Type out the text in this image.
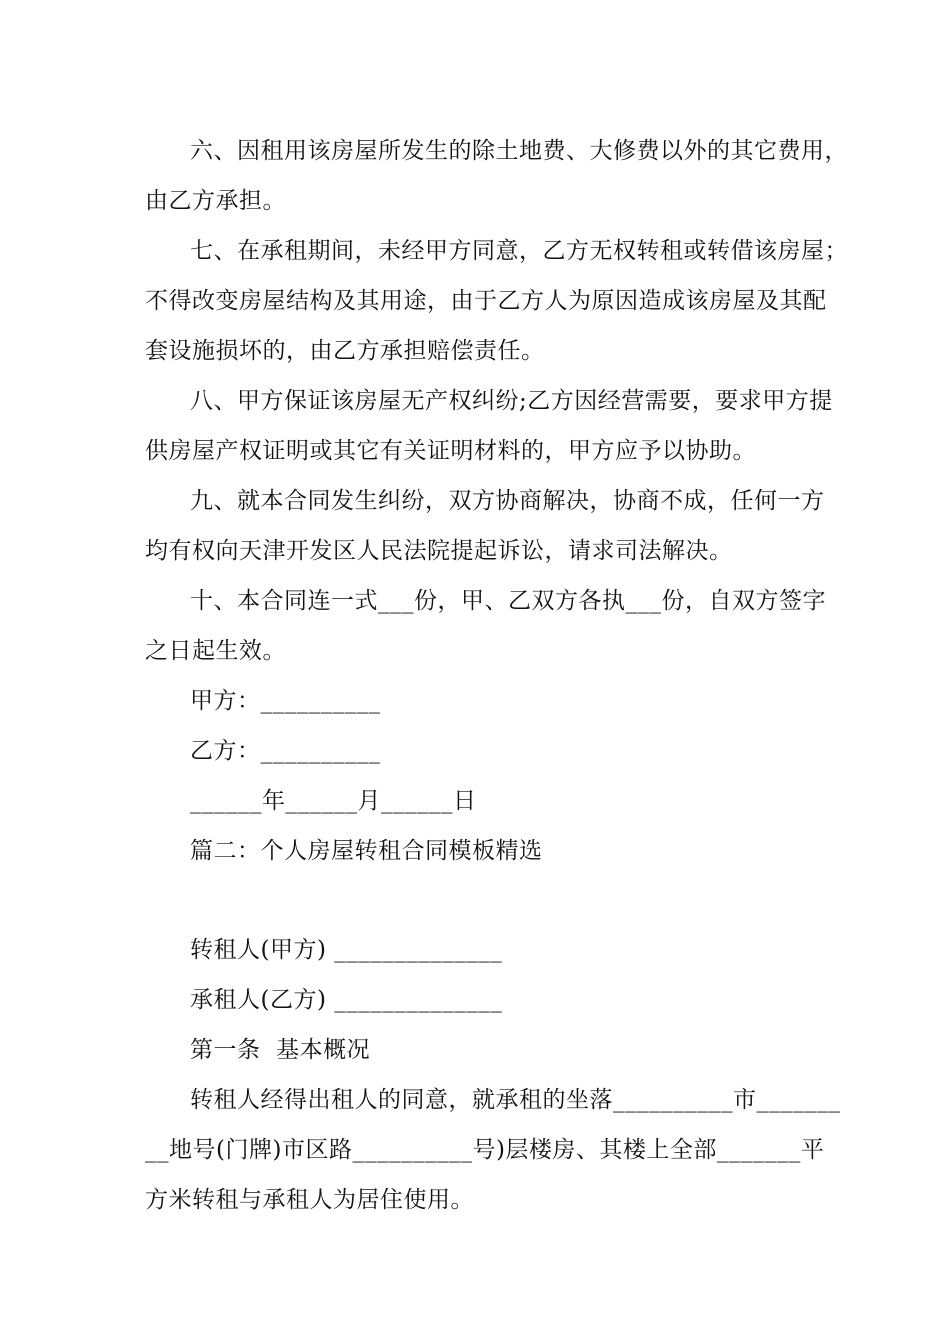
六、因租用该房屋所发生的除土地费、大修费以外的其它费用，
由乙方承担。
七、在承租期间，未经甲方同意，乙方无权转租或转借该房屋；
不得改变房屋结构及其用途，由于乙方人为原因造成该房屋及其配
套设施损坏的，由乙方承担赔偿责任。
八、甲方保证该房屋无产权纠纷;乙方因经营需要，要求甲方提
供房屋产权证明或其它有关证明材料的，甲方应予以协助。
九、就本合同发生纠纷，双方协商解决，协商不成，任何一方
均有权向天津开发区人民法院提起诉讼，请求司法解决。
十、本合同连一式___份，甲、乙双方各执___份，自双方签字
之日起生效。
甲方：__________
乙方：__________
______年______月______日
篇二：个人房屋转租合同模板精选
转租人(甲方) ______________
承租人(乙方) ______________
第一条  基本概况
转租人经得出租人的同意，就承租的坐落__________市_______
__地号(门牌)市区路__________号)层楼房、其楼上全部_______平
方米转租与承租人为居住使用。
